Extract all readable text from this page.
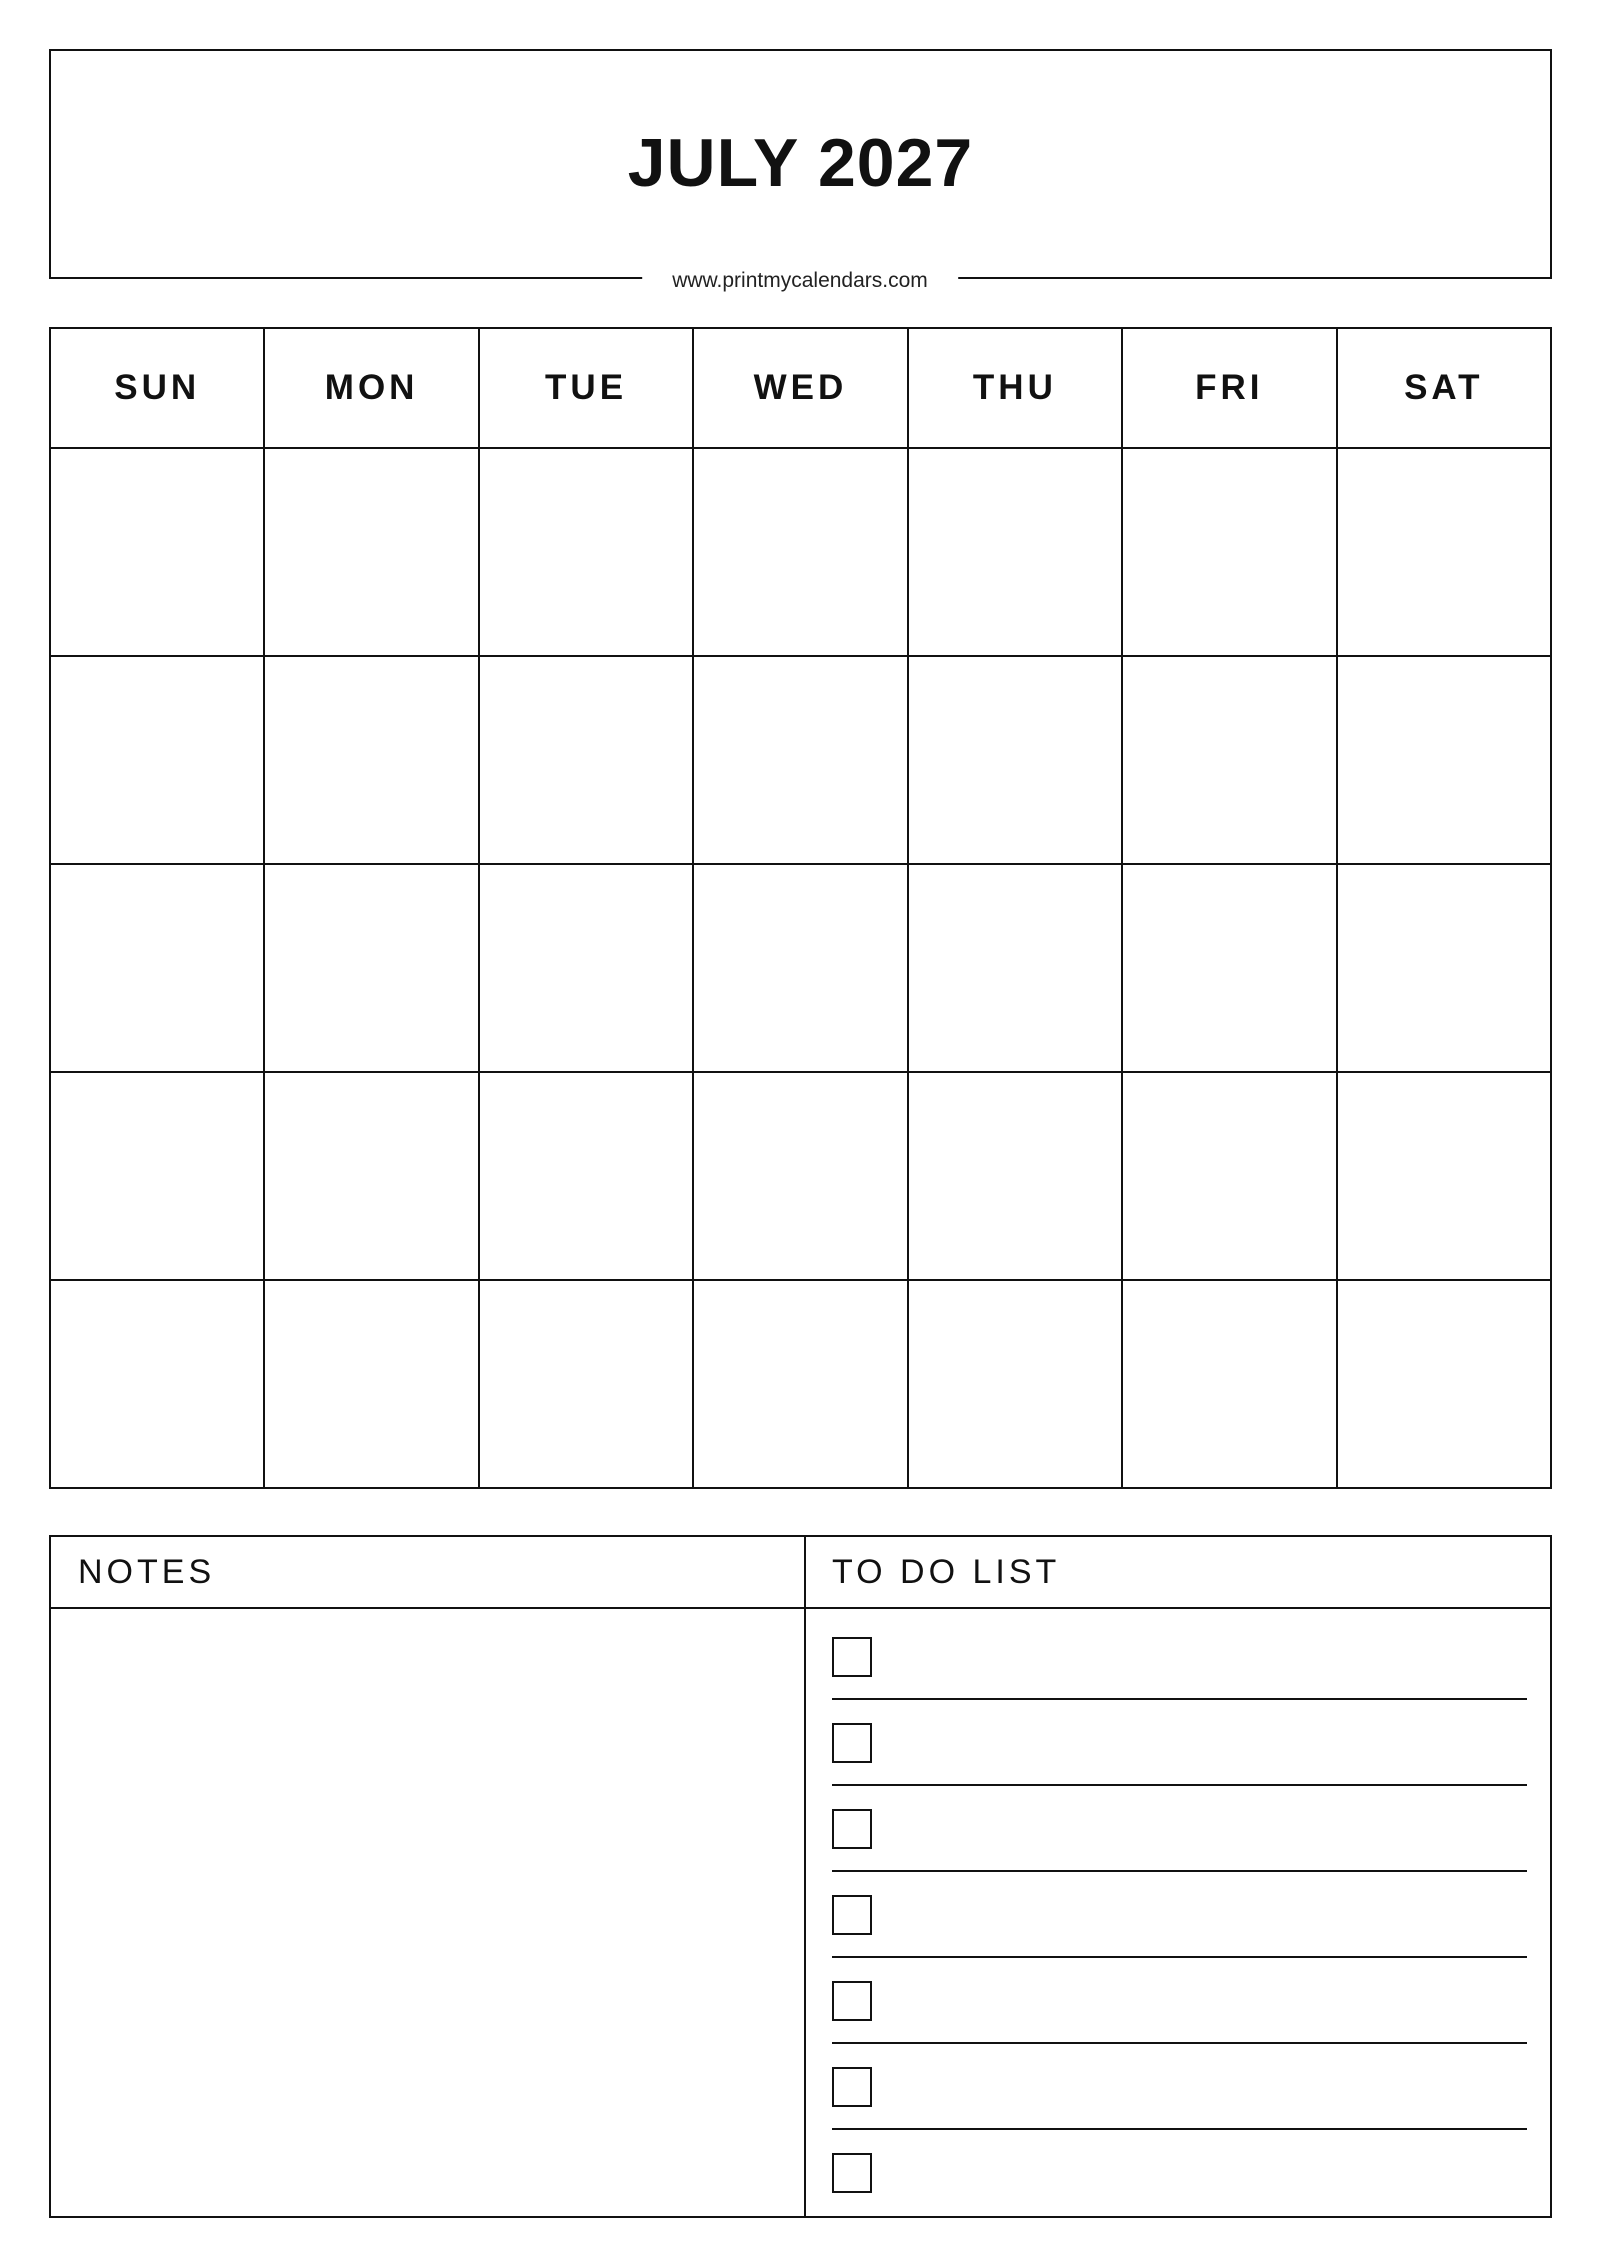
JULY 2027
www.printmycalendars.com
SUN	MON	TUE	WED	THU	FRI	SAT

NOTES	TO DO LIST
